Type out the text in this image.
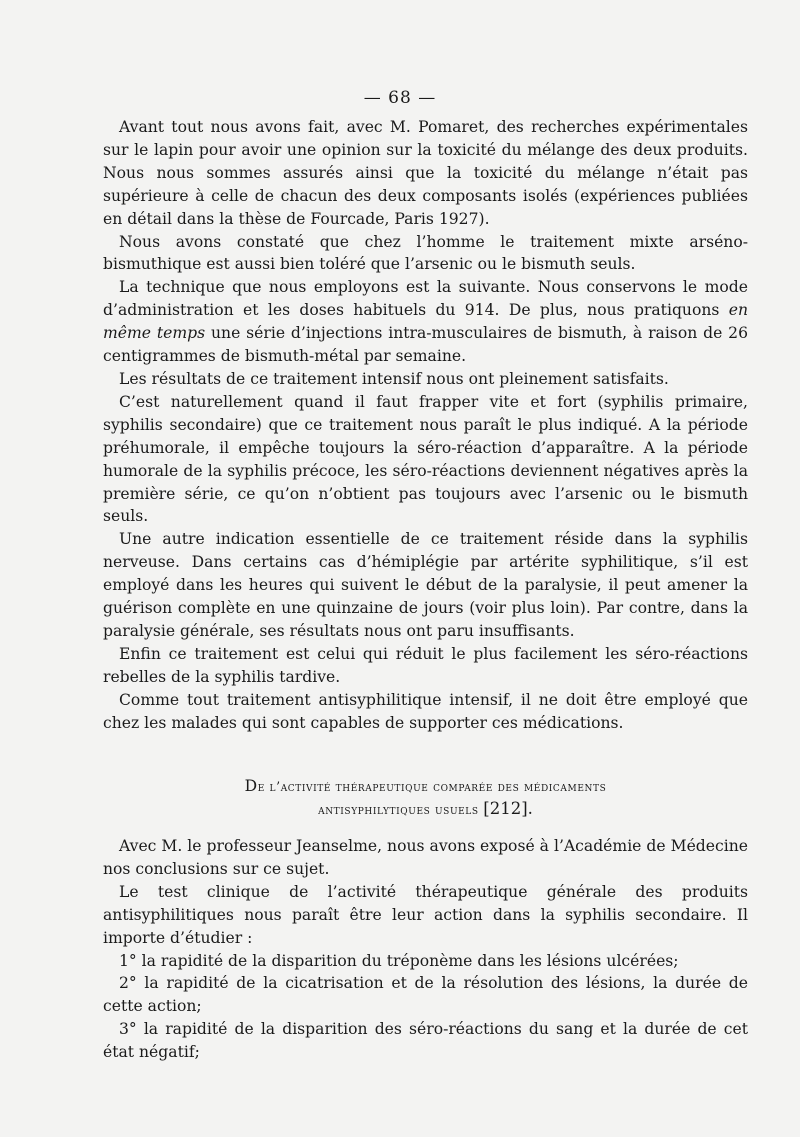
— 68 —

Avant tout nous avons fait, avec M. Pomaret, des recherches expérimentales sur le lapin pour avoir une opinion sur la toxicité du mélange des deux produits. Nous nous sommes assurés ainsi que la toxicité du mélange n’était pas supérieure à celle de chacun des deux composants isolés (expériences publiées en détail dans la thèse de Fourcade, Paris 1927).

Nous avons constaté que chez l’homme le traitement mixte arséno-bismuthique est aussi bien toléré que l’arsenic ou le bismuth seuls.

La technique que nous employons est la suivante. Nous conservons le mode d’administration et les doses habituels du 914. De plus, nous pratiquons en même temps une série d’injections intra-musculaires de bismuth, à raison de 26 centigrammes de bismuth-métal par semaine.

Les résultats de ce traitement intensif nous ont pleinement satisfaits.

C’est naturellement quand il faut frapper vite et fort (syphilis primaire, syphilis secondaire) que ce traitement nous paraît le plus indiqué. A la période préhumorale, il empêche toujours la séro-réaction d’apparaître. A la période humorale de la syphilis précoce, les séro-réactions deviennent négatives après la première série, ce qu’on n’obtient pas toujours avec l’arsenic ou le bismuth seuls.

Une autre indication essentielle de ce traitement réside dans la syphilis nerveuse. Dans certains cas d’hémiplégie par artérite syphilitique, s’il est employé dans les heures qui suivent le début de la paralysie, il peut amener la guérison complète en une quinzaine de jours (voir plus loin). Par contre, dans la paralysie générale, ses résultats nous ont paru insuffisants.

Enfin ce traitement est celui qui réduit le plus facilement les séro-réactions rebelles de la syphilis tardive.

Comme tout traitement antisyphilitique intensif, il ne doit être employé que chez les malades qui sont capables de supporter ces médications.

De l’activité thérapeutique comparée des médicaments
antisyphilytiques usuels [212].

Avec M. le professeur Jeanselme, nous avons exposé à l’Académie de Médecine nos conclusions sur ce sujet.

Le test clinique de l’activité thérapeutique générale des produits antisyphilitiques nous paraît être leur action dans la syphilis secondaire. Il importe d’étudier :

1° la rapidité de la disparition du tréponème dans les lésions ulcérées;

2° la rapidité de la cicatrisation et de la résolution des lésions, la durée de cette action;

3° la rapidité de la disparition des séro-réactions du sang et la durée de cet état négatif;
